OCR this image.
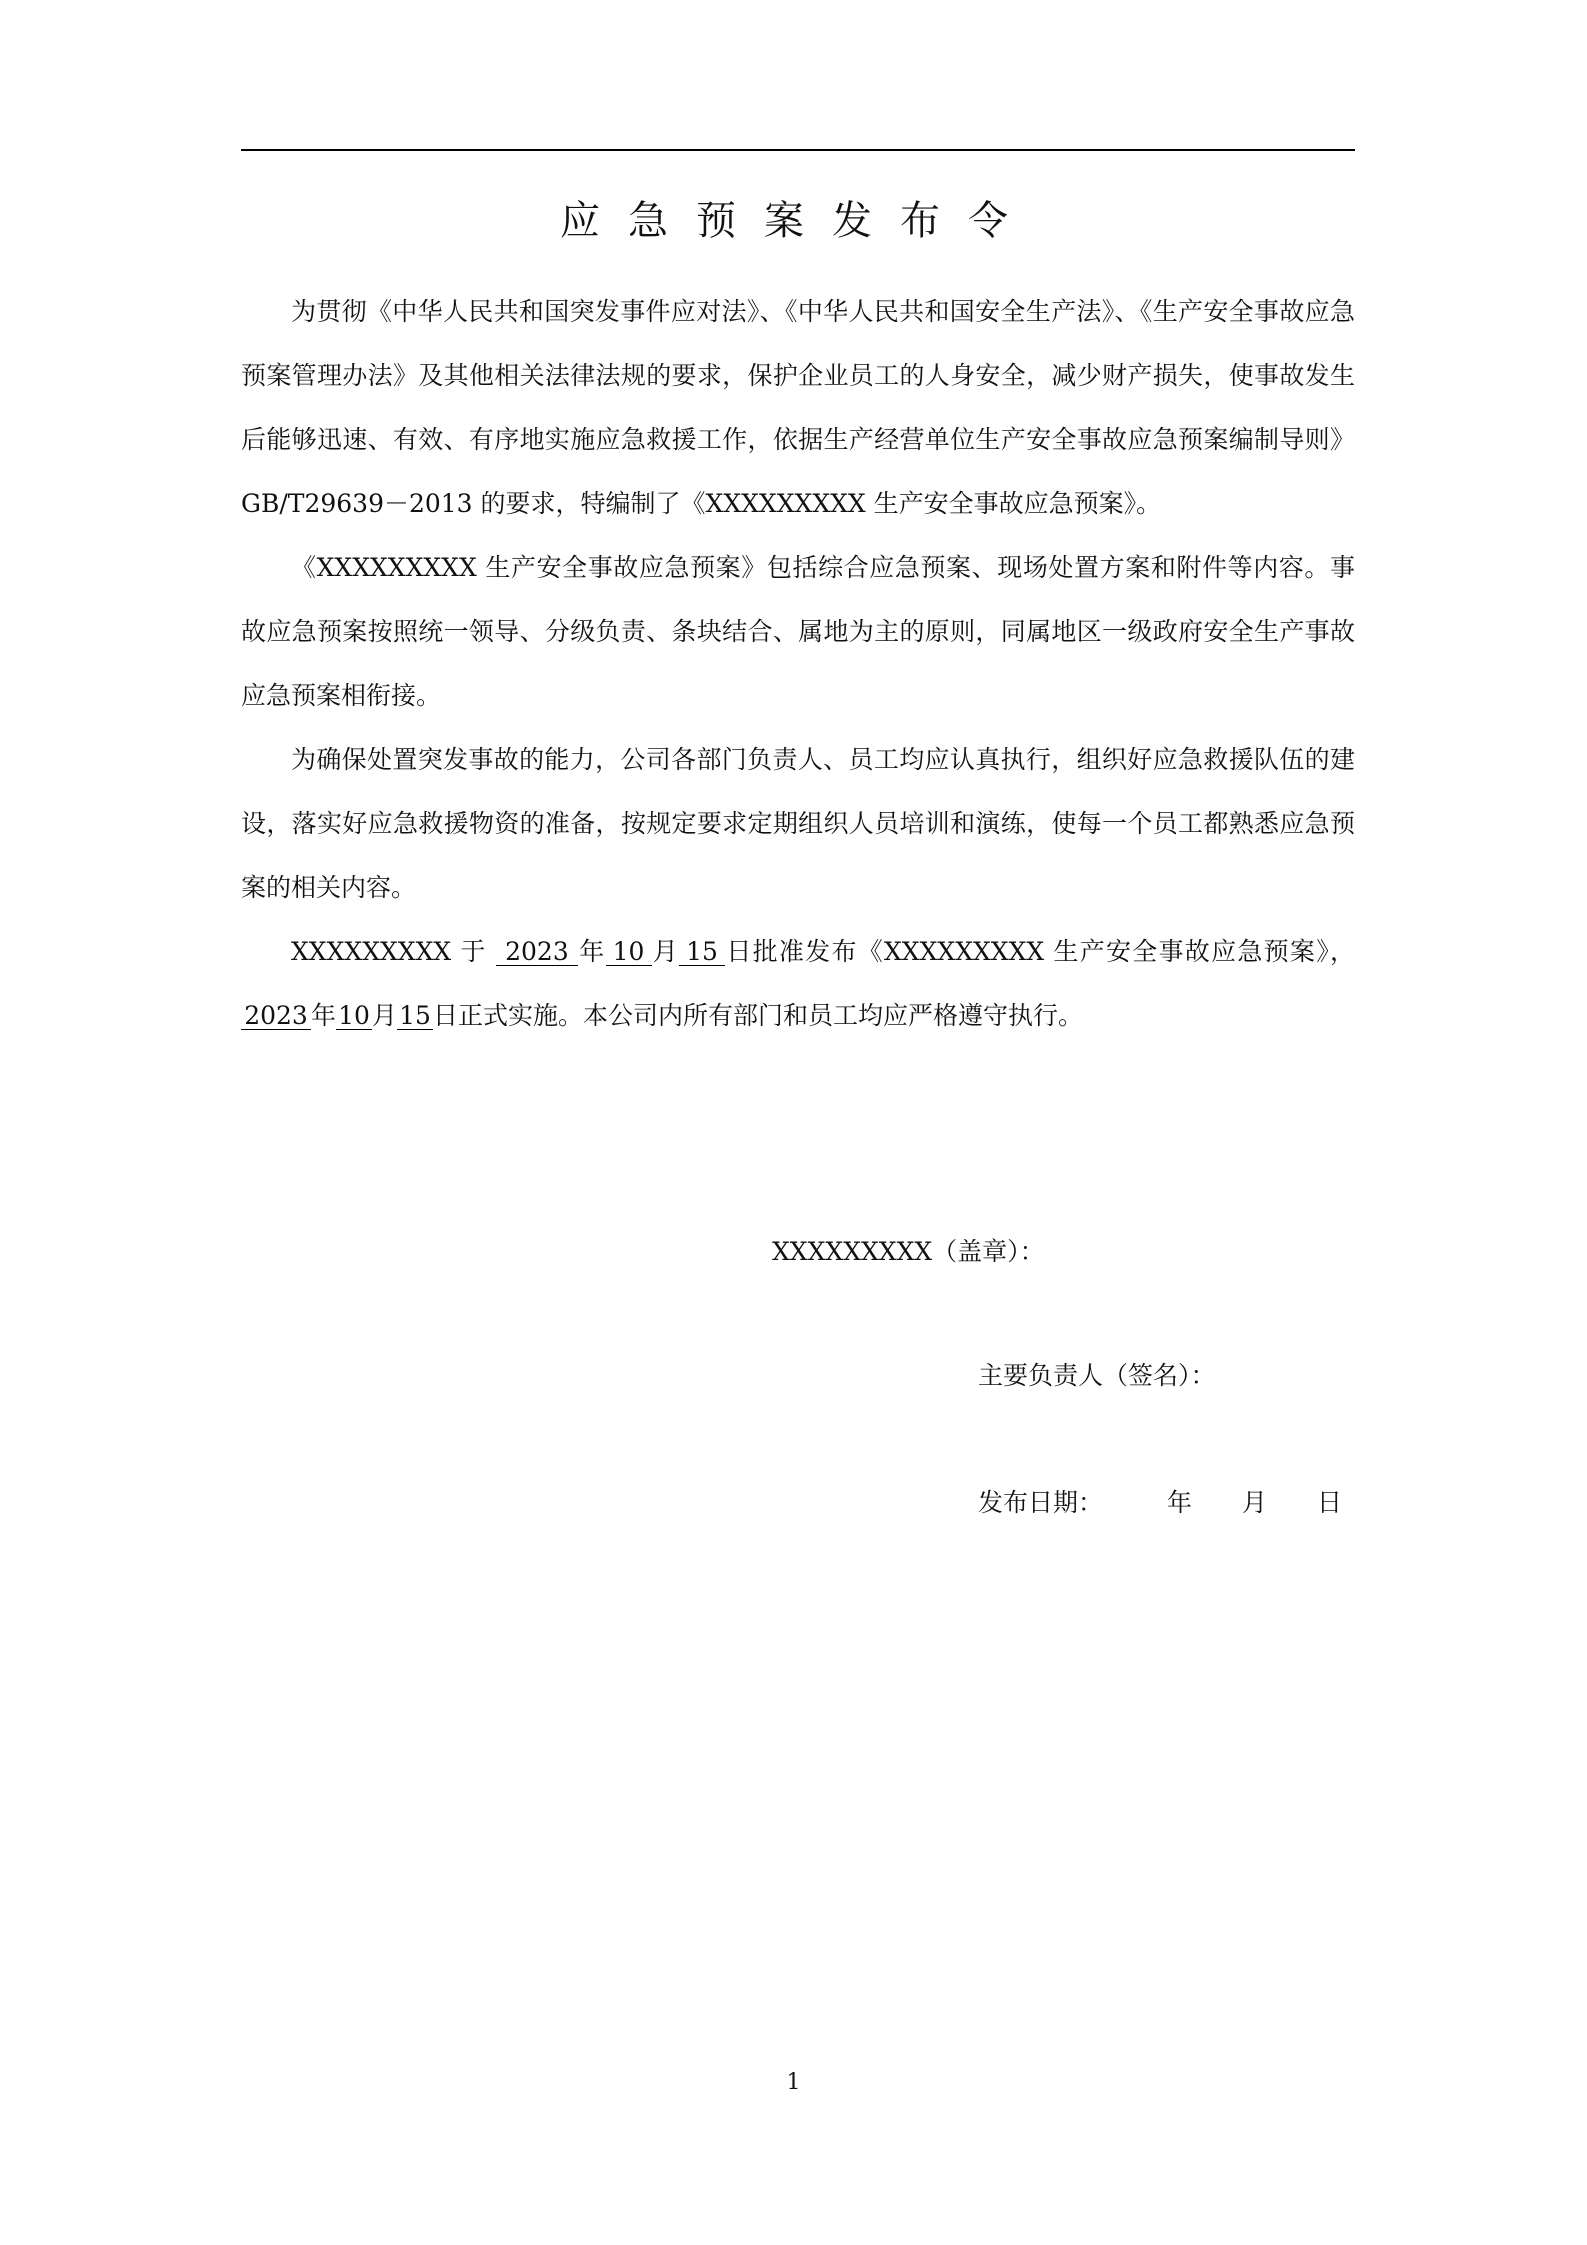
应急预案发布令

为贯彻《中华人民共和国突发事件应对法》、《中华人民共和国安全生产法》、《生产安全事故应急预案管理办法》及其他相关法律法规的要求，保护企业员工的人身安全，减少财产损失，使事故发生后能够迅速、有效、有序地实施应急救援工作，依据生产经营单位生产安全事故应急预案编制导则》GB/T29639－2013 的要求，特编制了《XXXXXXXXX 生产安全事故应急预案》。

《XXXXXXXXX 生产安全事故应急预案》包括综合应急预案、现场处置方案和附件等内容。事故应急预案按照统一领导、分级负责、条块结合、属地为主的原则，同属地区一级政府安全生产事故应急预案相衔接。

为确保处置突发事故的能力，公司各部门负责人、员工均应认真执行，组织好应急救援队伍的建设，落实好应急救援物资的准备，按规定要求定期组织人员培训和演练，使每一个员工都熟悉应急预案的相关内容。

XXXXXXXXX 于 2023 年 10 月 15 日批准发布《XXXXXXXXX 生产安全事故应急预案》，2023 年10月15日正式实施。本公司内所有部门和员工均应严格遵守执行。

XXXXXXXXX（盖章）：
主要负责人（签名）：
发布日期：	年 月 日
1
